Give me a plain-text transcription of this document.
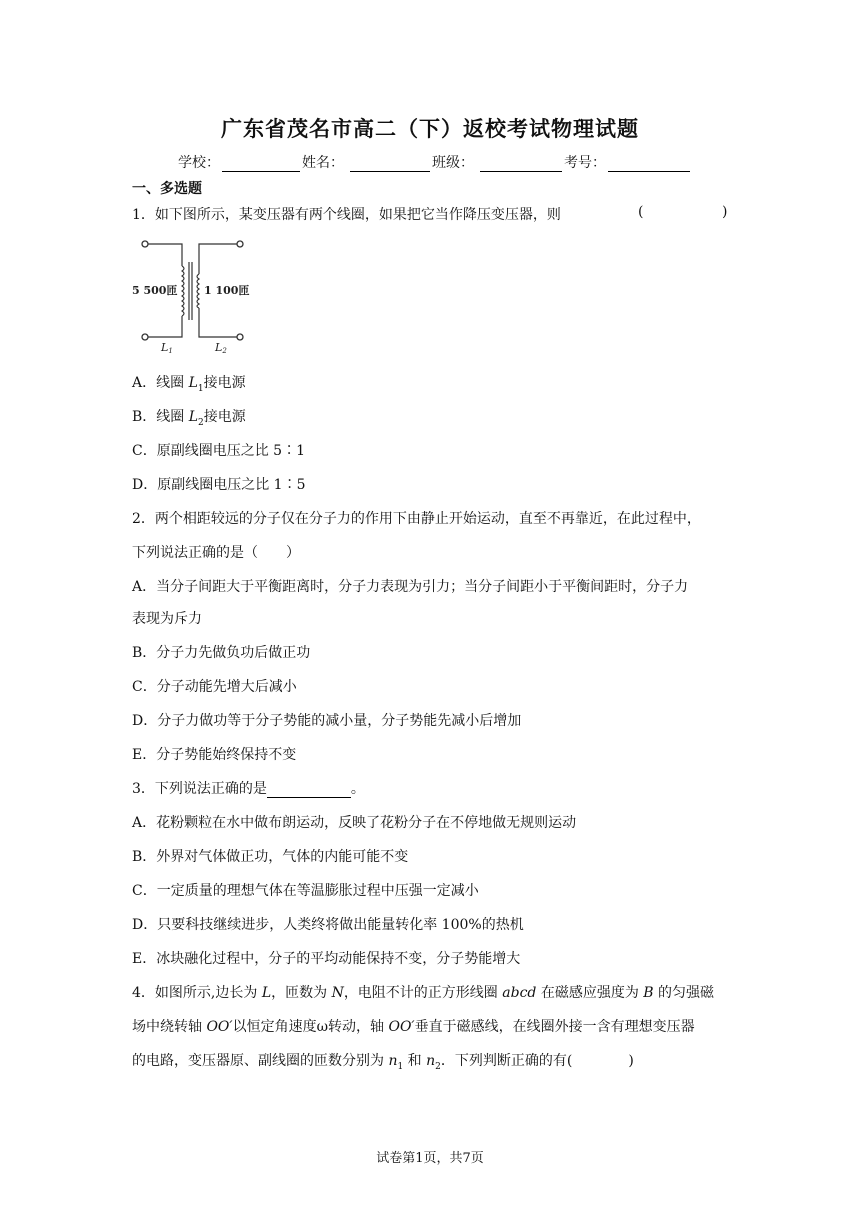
广东省茂名市高二（下）返校考试物理试题
学校：	姓名：	班级：	考号：
一、多选题
1．如下图所示，某变压器有两个线圈，如果把它当作降压变压器，则	(	)
5 500匝 1 100匝
L1	L2
A．线圈 $L_1$接电源
B．线圈 $L_2$接电源
C．原副线圈电压之比 5∶1
D．原副线圈电压之比 1∶5
2．两个相距较远的分子仅在分子力的作用下由静止开始运动，直至不再靠近，在此过程中，
下列说法正确的是（　　）
A．当分子间距大于平衡距离时，分子力表现为引力；当分子间距小于平衡间距时，分子力
表现为斥力
B．分子力先做负功后做正功
C．分子动能先增大后减小
D．分子力做功等于分子势能的减小量，分子势能先减小后增加
E．分子势能始终保持不变
3．下列说法正确的是	。
A．花粉颗粒在水中做布朗运动，反映了花粉分子在不停地做无规则运动
B．外界对气体做正功，气体的内能可能不变
C．一定质量的理想气体在等温膨胀过程中压强一定减小
D．只要科技继续进步，人类终将做出能量转化率 100%的热机
E．冰块融化过程中，分子的平均动能保持不变，分子势能增大
4．如图所示,边长为 L，匝数为 N，电阻不计的正方形线圈 abcd 在磁感应强度为 B 的匀强磁
场中绕转轴 OO′以恒定角速度ω转动，轴 OO′垂直于磁感线，在线圈外接一含有理想变压器
的电路，变压器原、副线圈的匝数分别为 $n_1$ 和 $n_2$．下列判断正确的有(　　　　)
试卷第1页，共7页
